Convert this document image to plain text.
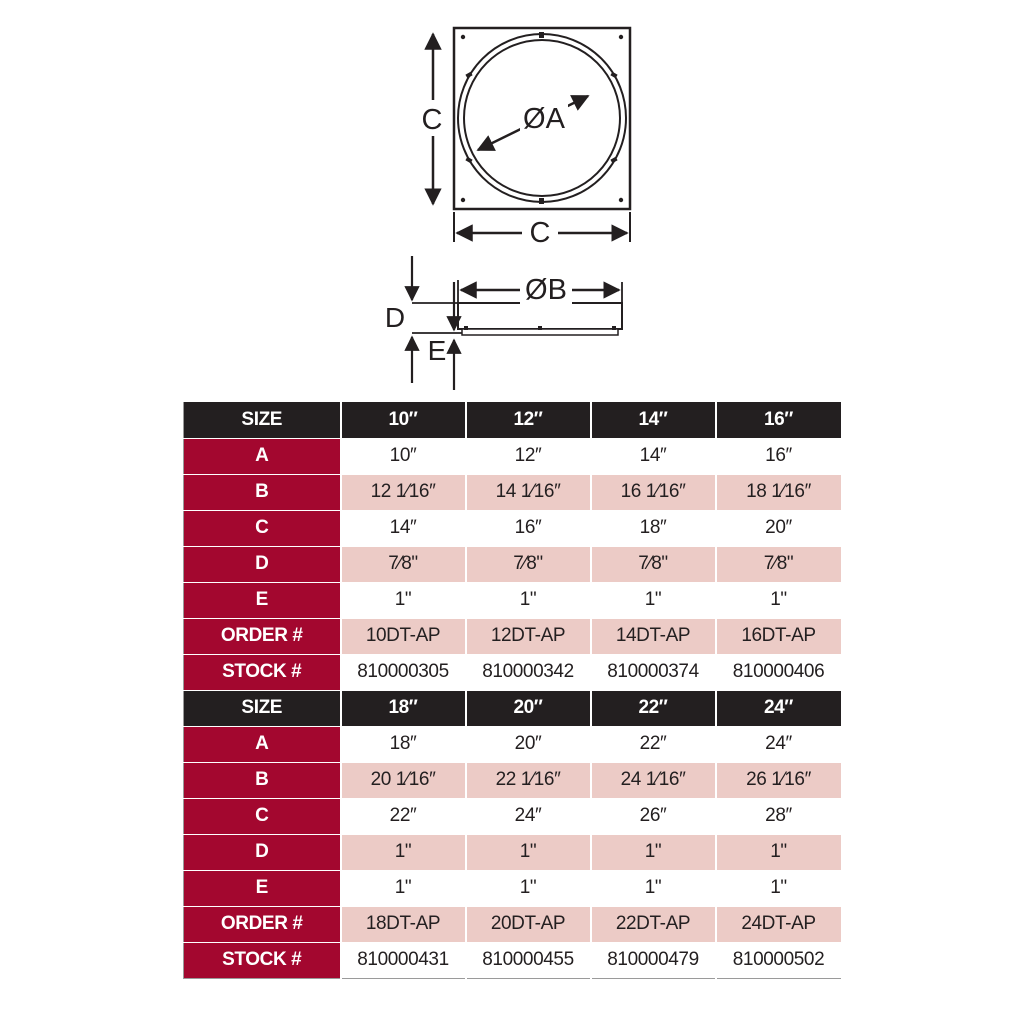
ØA
C
C
ØB
D
E
SIZE	10″	12″	14″	16″
A	10″	12″	14″	16″
B	12 1⁄16″	14 1⁄16″	16 1⁄16″	18 1⁄16″
C	14″	16″	18″	20″
D	7⁄8"	7⁄8"	7⁄8"	7⁄8"
E	1"	1"	1"	1"
ORDER #	10DT-AP	12DT-AP	14DT-AP	16DT-AP
STOCK #	810000305	810000342	810000374	810000406
SIZE	18″	20″	22″	24″
A	18″	20″	22″	24″
B	20 1⁄16″	22 1⁄16″	24 1⁄16″	26 1⁄16″
C	22″	24″	26″	28″
D	1"	1"	1"	1"
E	1"	1"	1"	1"
ORDER #	18DT-AP	20DT-AP	22DT-AP	24DT-AP
STOCK #	810000431	810000455	810000479	810000502
